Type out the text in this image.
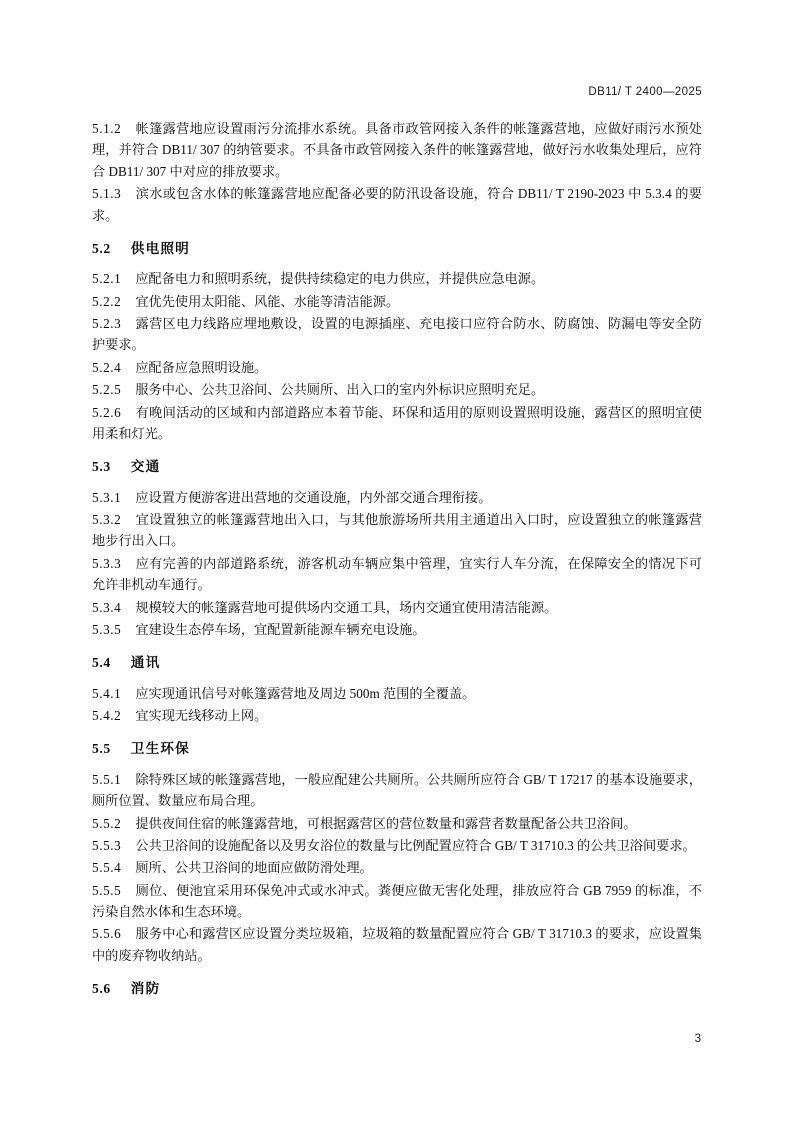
DB11/ T 2400—2025
5.1.2 帐篷露营地应设置雨污分流排水系统。具备市政管网接入条件的帐篷露营地，应做好雨污水预处理，并符合 DB11/ 307 的纳管要求。不具备市政管网接入条件的帐篷露营地，做好污水收集处理后，应符合 DB11/ 307 中对应的排放要求。
5.1.3 滨水或包含水体的帐篷露营地应配备必要的防汛设备设施，符合 DB11/ T 2190-2023 中 5.3.4 的要求。
5.2 供电照明
5.2.1 应配备电力和照明系统，提供持续稳定的电力供应，并提供应急电源。
5.2.2 宜优先使用太阳能、风能、水能等清洁能源。
5.2.3 露营区电力线路应埋地敷设，设置的电源插座、充电接口应符合防水、防腐蚀、防漏电等安全防护要求。
5.2.4 应配备应急照明设施。
5.2.5 服务中心、公共卫浴间、公共厕所、出入口的室内外标识应照明充足。
5.2.6 有晚间活动的区域和内部道路应本着节能、环保和适用的原则设置照明设施，露营区的照明宜使用柔和灯光。
5.3 交通
5.3.1 应设置方便游客进出营地的交通设施，内外部交通合理衔接。
5.3.2 宜设置独立的帐篷露营地出入口，与其他旅游场所共用主通道出入口时，应设置独立的帐篷露营地步行出入口。
5.3.3 应有完善的内部道路系统，游客机动车辆应集中管理，宜实行人车分流，在保障安全的情况下可允许非机动车通行。
5.3.4 规模较大的帐篷露营地可提供场内交通工具，场内交通宜使用清洁能源。
5.3.5 宜建设生态停车场，宜配置新能源车辆充电设施。
5.4 通讯
5.4.1 应实现通讯信号对帐篷露营地及周边 500m 范围的全覆盖。
5.4.2 宜实现无线移动上网。
5.5 卫生环保
5.5.1 除特殊区域的帐篷露营地，一般应配建公共厕所。公共厕所应符合 GB/ T 17217 的基本设施要求，厕所位置、数量应布局合理。
5.5.2 提供夜间住宿的帐篷露营地，可根据露营区的营位数量和露营者数量配备公共卫浴间。
5.5.3 公共卫浴间的设施配备以及男女浴位的数量与比例配置应符合 GB/ T 31710.3 的公共卫浴间要求。
5.5.4 厕所、公共卫浴间的地面应做防滑处理。
5.5.5 厕位、便池宜采用环保免冲式或水冲式。粪便应做无害化处理，排放应符合 GB 7959 的标准，不污染自然水体和生态环境。
5.5.6 服务中心和露营区应设置分类垃圾箱，垃圾箱的数量配置应符合 GB/ T 31710.3 的要求，应设置集中的废弃物收纳站。
5.6 消防
3
